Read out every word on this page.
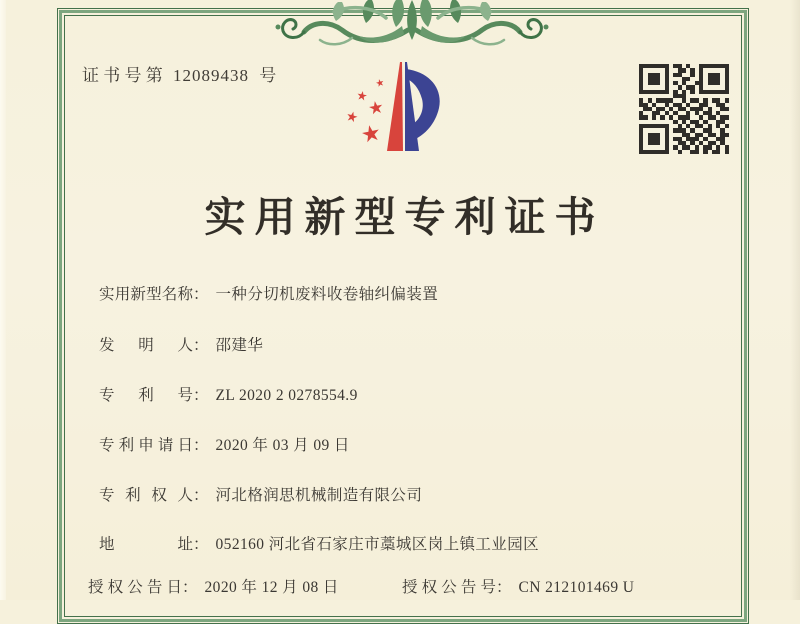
证 书 号 第 12089438 号
实用新型专利证书
实用新型名称： 一种分切机废料收卷轴纠偏装置
发明人： 邵建华
专利号： ZL 2020 2 0278554.9
专利申请日： 2020 年 03 月 09 日
专利权人： 河北格润思机械制造有限公司
地址： 052160 河北省石家庄市藁城区岗上镇工业园区
授权公告日： 2020 年 12 月 08 日	授权公告号： CN 212101469 U
